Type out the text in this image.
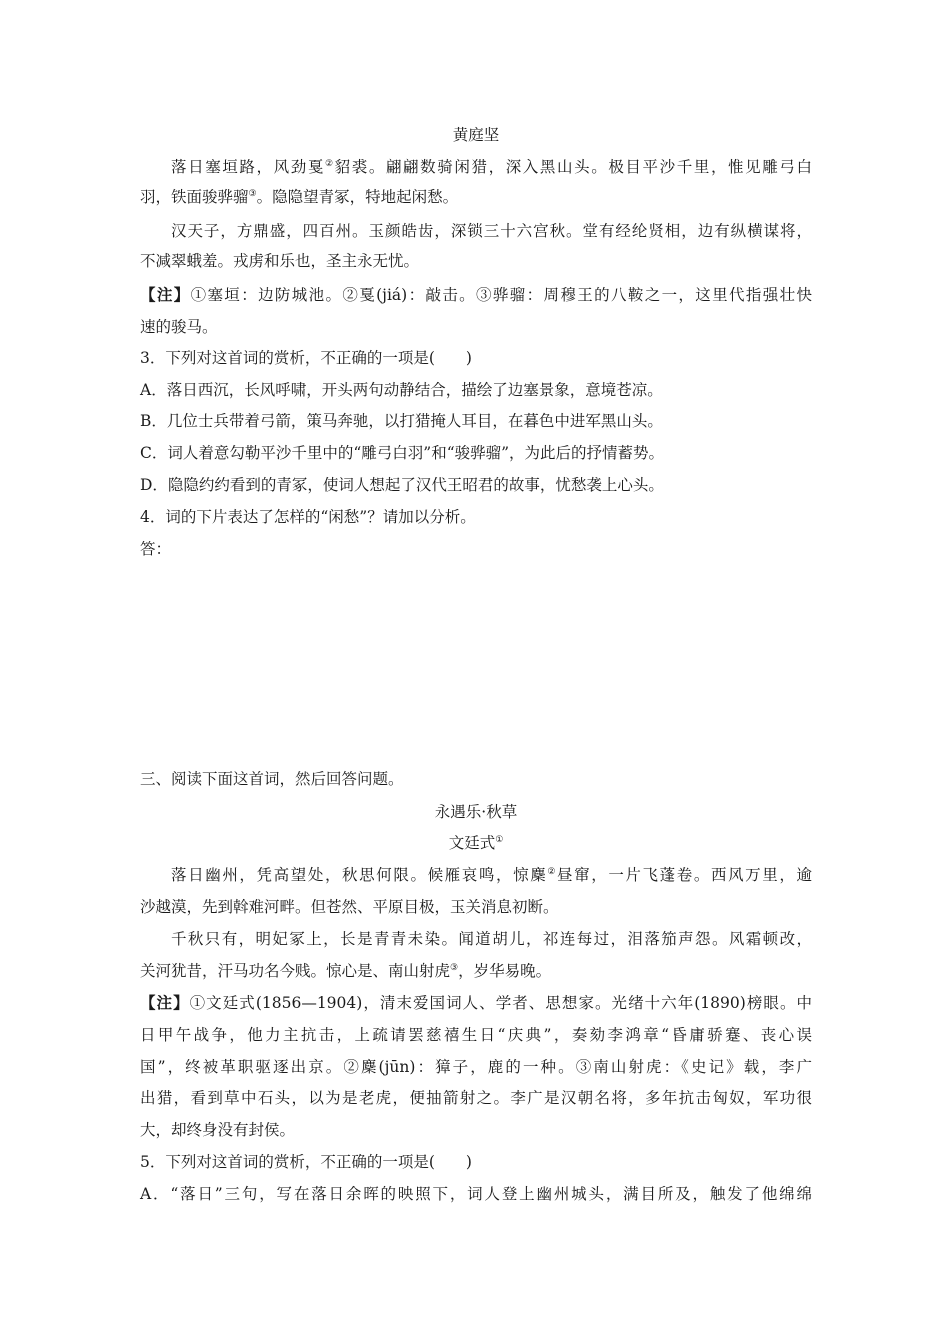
黄庭坚
落日塞垣路，风劲戛②貂裘。翩翩数骑闲猎，深入黑山头。极目平沙千里，惟见雕弓白
羽，铁面骏骅骝③。隐隐望青冢，特地起闲愁。
汉天子，方鼎盛，四百州。玉颜皓齿，深锁三十六宫秋。堂有经纶贤相，边有纵横谋将，
不减翠蛾羞。戎虏和乐也，圣主永无忧。
【注】①塞垣：边防城池。②戛(jiá)：敲击。③骅骝：周穆王的八鞍之一，这里代指强壮快
速的骏马。
3．下列对这首词的赏析，不正确的一项是(　　)
A．落日西沉，长风呼啸，开头两句动静结合，描绘了边塞景象，意境苍凉。
B．几位士兵带着弓箭，策马奔驰，以打猎掩人耳目，在暮色中进军黑山头。
C．词人着意勾勒平沙千里中的“雕弓白羽”和“骏骅骝”，为此后的抒情蓄势。
D．隐隐约约看到的青冢，使词人想起了汉代王昭君的故事，忧愁袭上心头。
4．词的下片表达了怎样的“闲愁”？请加以分析。
答：
三、阅读下面这首词，然后回答问题。
永遇乐·秋草
文廷式①
落日幽州，凭高望处，秋思何限。候雁哀鸣，惊麇②昼窜，一片飞蓬卷。西风万里，逾
沙越漠，先到斡难河畔。但苍然、平原目极，玉关消息初断。
千秋只有，明妃冢上，长是青青未染。闻道胡儿，祁连每过，泪落笳声怨。风霜顿改，
关河犹昔，汗马功名今贱。惊心是、南山射虎③，岁华易晚。
【注】①文廷式(1856—1904)，清末爱国词人、学者、思想家。光绪十六年(1890)榜眼。中
日甲午战争，他力主抗击，上疏请罢慈禧生日“庆典”，奏劾李鸿章“昏庸骄蹇、丧心误
国”，终被革职驱逐出京。②麇(jūn)：獐子，鹿的一种。③南山射虎：《史记》载，李广
出猎，看到草中石头，以为是老虎，便抽箭射之。李广是汉朝名将，多年抗击匈奴，军功很
大，却终身没有封侯。
5．下列对这首词的赏析，不正确的一项是(　　)
A．“落日”三句，写在落日余晖的映照下，词人登上幽州城头，满目所及，触发了他绵绵
